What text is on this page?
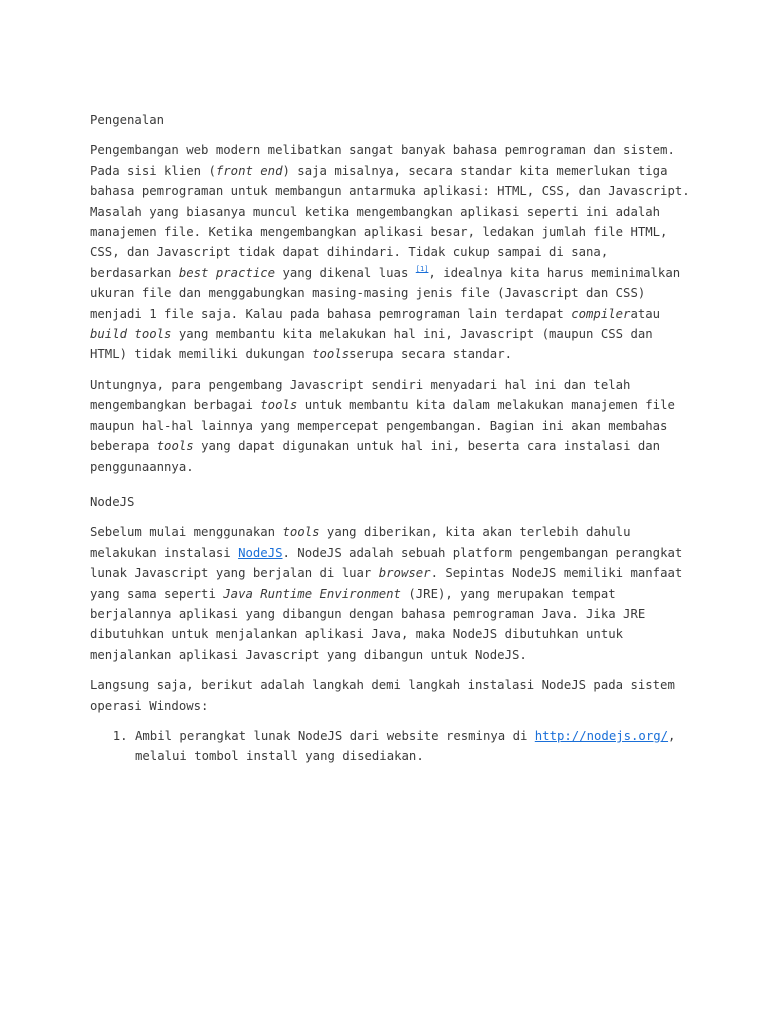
Pengenalan

Pengembangan web modern melibatkan sangat banyak bahasa pemrograman dan sistem. Pada sisi klien (front end) saja misalnya, secara standar kita memerlukan tiga bahasa pemrograman untuk membangun antarmuka aplikasi: HTML, CSS, dan Javascript. Masalah yang biasanya muncul ketika mengembangkan aplikasi seperti ini adalah manajemen file. Ketika mengembangkan aplikasi besar, ledakan jumlah file HTML, CSS, dan Javascript tidak dapat dihindari. Tidak cukup sampai di sana, berdasarkan best practice yang dikenal luas [1], idealnya kita harus meminimalkan ukuran file dan menggabungkan masing-masing jenis file (Javascript dan CSS) menjadi 1 file saja. Kalau pada bahasa pemrograman lain terdapat compileratau build tools yang membantu kita melakukan hal ini, Javascript (maupun CSS dan HTML) tidak memiliki dukungan toolsserupa secara standar.

Untungnya, para pengembang Javascript sendiri menyadari hal ini dan telah mengembangkan berbagai tools untuk membantu kita dalam melakukan manajemen file maupun hal-hal lainnya yang mempercepat pengembangan. Bagian ini akan membahas beberapa tools yang dapat digunakan untuk hal ini, beserta cara instalasi dan penggunaannya.

NodeJS

Sebelum mulai menggunakan tools yang diberikan, kita akan terlebih dahulu melakukan instalasi NodeJS. NodeJS adalah sebuah platform pengembangan perangkat lunak Javascript yang berjalan di luar browser. Sepintas NodeJS memiliki manfaat yang sama seperti Java Runtime Environment (JRE), yang merupakan tempat berjalannya aplikasi yang dibangun dengan bahasa pemrograman Java. Jika JRE dibutuhkan untuk menjalankan aplikasi Java, maka NodeJS dibutuhkan untuk menjalankan aplikasi Javascript yang dibangun untuk NodeJS.

Langsung saja, berikut adalah langkah demi langkah instalasi NodeJS pada sistem operasi Windows:

1. Ambil perangkat lunak NodeJS dari website resminya di http://nodejs.org/, melalui tombol install yang disediakan.
